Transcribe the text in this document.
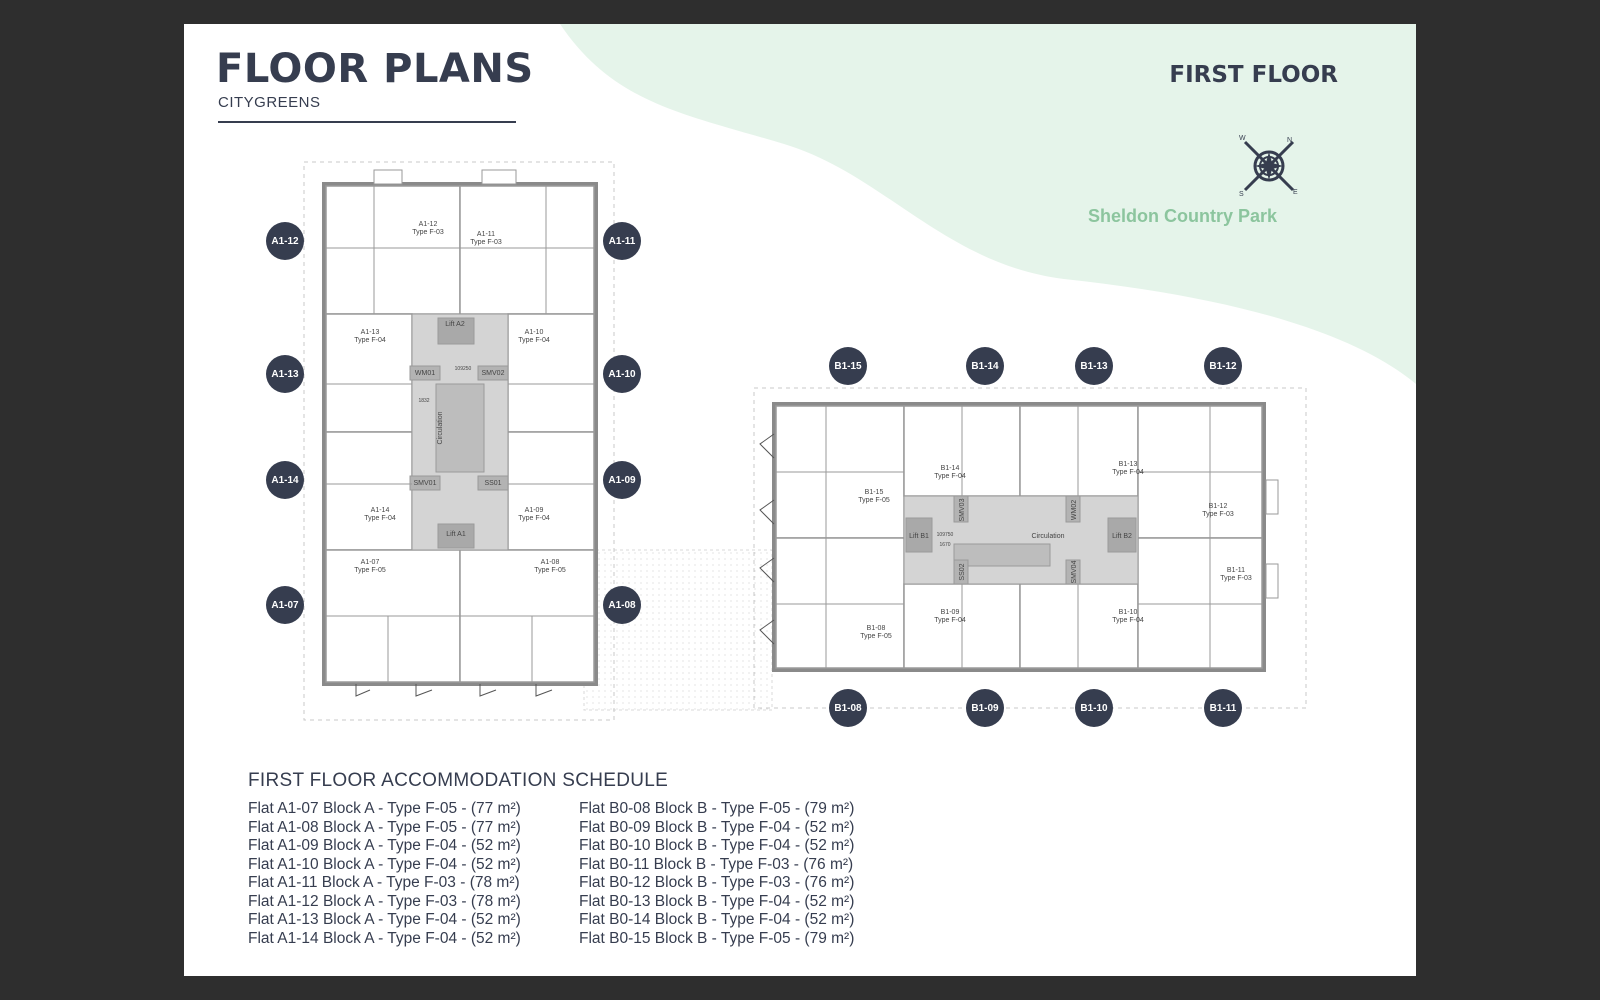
FLOOR PLANS
CITYGREENS
FIRST FLOOR
N
E
S
W
Sheldon Country Park
A1-12
Type F-03	A1-11
Type F-03
A1-13
Type F-04
A1-10
Type F-04
A1-14
Type F-04
A1-09
Type F-04
A1-07
Type F-05
A1-08
Type F-05
Lift A2
WM01	SMV02
Circulation
SMV01	SS01
Lift A1
109250
1832
B1-14
Type F-04
B1-13
Type F-04
B1-15
Type F-05
B1-12
Type F-03
B1-11
Type F-03
B1-09
Type F-04
B1-10
Type F-04
B1-08
Type F-05
Lift B1
SMV03
Circulation
WM02
Lift B2
SS02	SMV04
109750
1670
A1-12
A1-13
A1-14
A1-07
A1-11
A1-10
A1-09
A1-08
B1-15	B1-14	B1-13	B1-12
B1-08	B1-09	B1-10	B1-11
FIRST FLOOR ACCOMMODATION SCHEDULE
Flat A1-07 Block A - Type F-05 - (77 m²)
Flat A1-08 Block A - Type F-05 - (77 m²)
Flat A1-09 Block A - Type F-04 - (52 m²)
Flat A1-10 Block A - Type F-04 - (52 m²)
Flat A1-11 Block A - Type F-03 - (78 m²)
Flat A1-12 Block A - Type F-03 - (78 m²)
Flat A1-13 Block A - Type F-04 - (52 m²)
Flat A1-14 Block A - Type F-04 - (52 m²)
Flat B0-08 Block B - Type F-05 - (79 m²)
Flat B0-09 Block B - Type F-04 - (52 m²)
Flat B0-10 Block B - Type F-04 - (52 m²)
Flat B0-11 Block B - Type F-03 - (76 m²)
Flat B0-12 Block B - Type F-03 - (76 m²)
Flat B0-13 Block B - Type F-04 - (52 m²)
Flat B0-14 Block B - Type F-04 - (52 m²)
Flat B0-15 Block B - Type F-05 - (79 m²)
